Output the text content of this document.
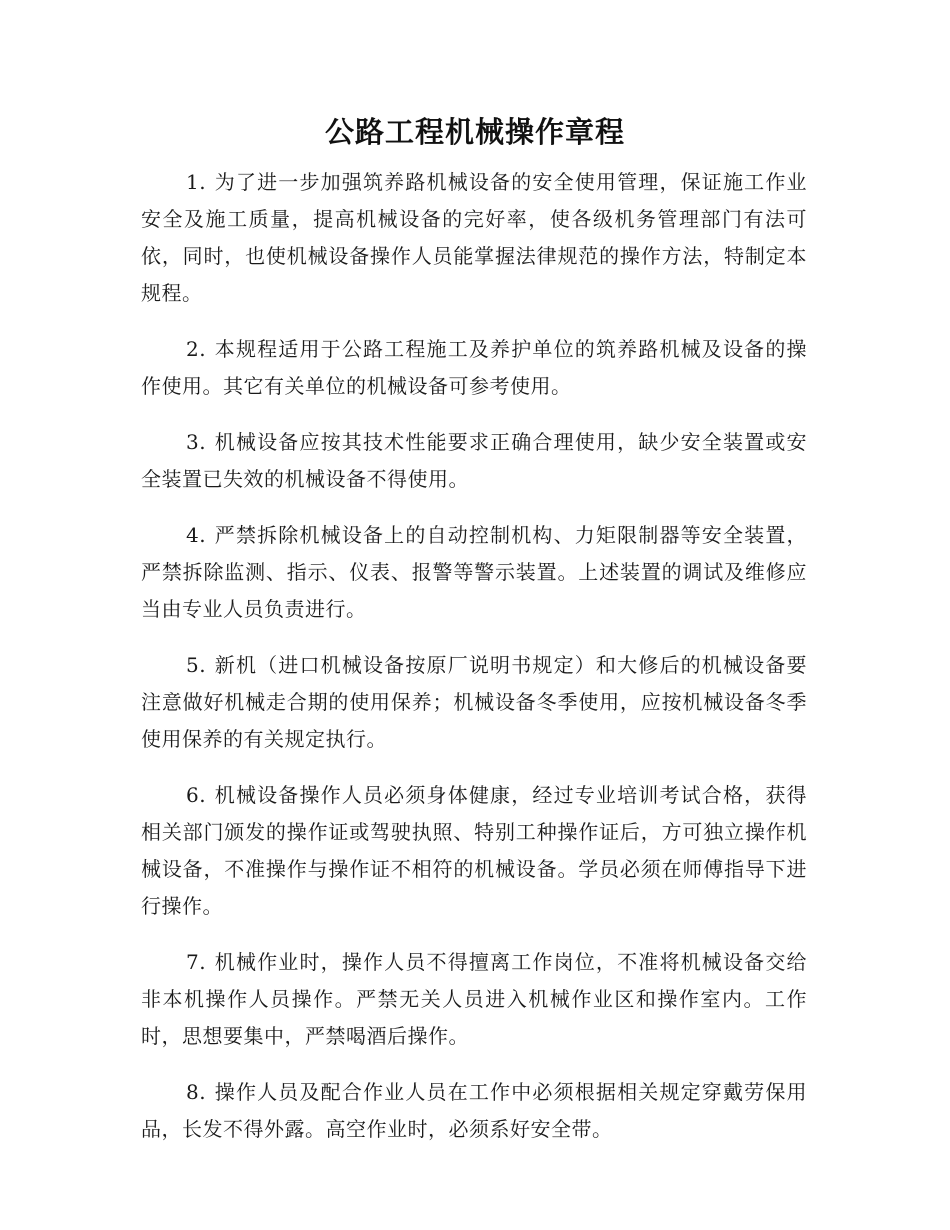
公路工程机械操作章程

1. 为了进一步加强筑养路机械设备的安全使用管理，保证施工作业安全及施工质量，提高机械设备的完好率，使各级机务管理部门有法可依，同时，也使机械设备操作人员能掌握法律规范的操作方法，特制定本规程。

2. 本规程适用于公路工程施工及养护单位的筑养路机械及设备的操作使用。其它有关单位的机械设备可参考使用。

3. 机械设备应按其技术性能要求正确合理使用，缺少安全装置或安全装置已失效的机械设备不得使用。

4. 严禁拆除机械设备上的自动控制机构、力矩限制器等安全装置，严禁拆除监测、指示、仪表、报警等警示装置。上述装置的调试及维修应当由专业人员负责进行。

5. 新机（进口机械设备按原厂说明书规定）和大修后的机械设备要注意做好机械走合期的使用保养；机械设备冬季使用，应按机械设备冬季使用保养的有关规定执行。

6. 机械设备操作人员必须身体健康，经过专业培训考试合格，获得相关部门颁发的操作证或驾驶执照、特别工种操作证后，方可独立操作机械设备，不准操作与操作证不相符的机械设备。学员必须在师傅指导下进行操作。

7. 机械作业时，操作人员不得擅离工作岗位，不准将机械设备交给非本机操作人员操作。严禁无关人员进入机械作业区和操作室内。工作时，思想要集中，严禁喝酒后操作。

8. 操作人员及配合作业人员在工作中必须根据相关规定穿戴劳保用品，长发不得外露。高空作业时，必须系好安全带。
